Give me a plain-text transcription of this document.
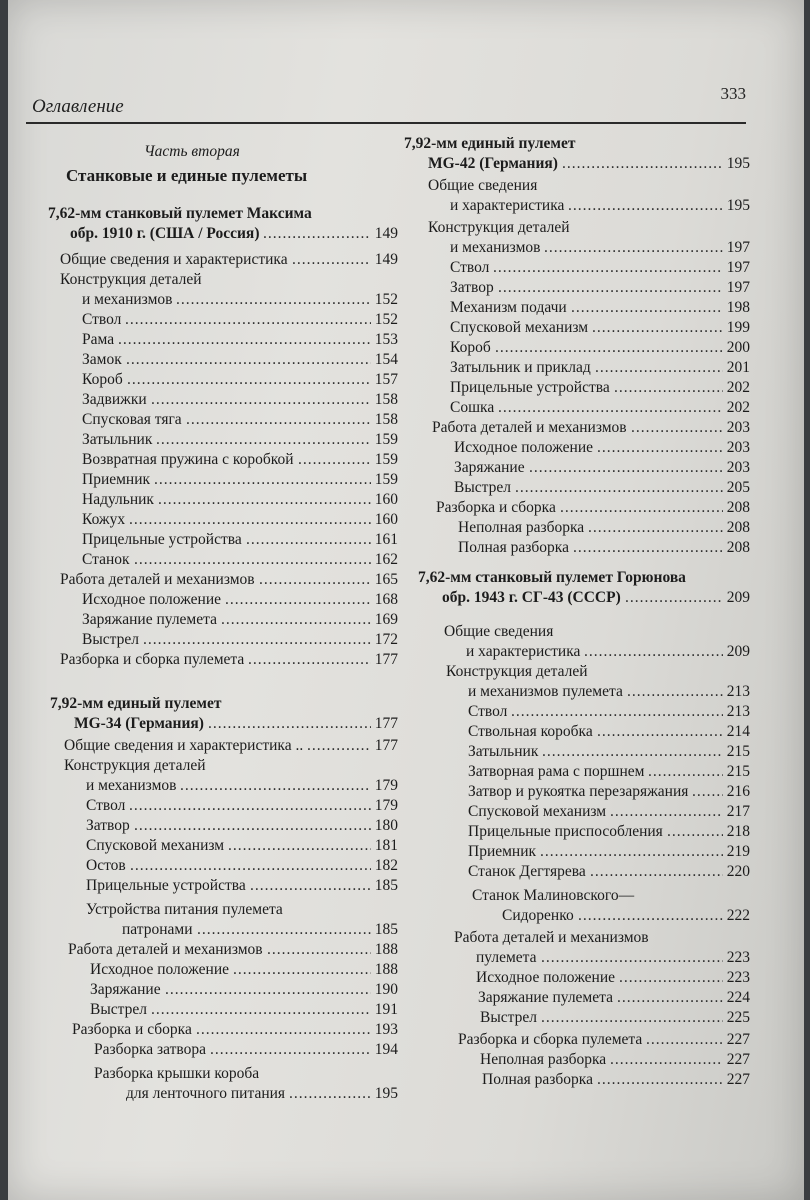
Оглавление
333
Часть вторая
Станковые и единые пулеметы
7,62-мм станковый пулемет Максима
обр. 1910 г. (США / Россия)	149
.....
Общие сведения и характеристика	149
.....
Конструкция деталей
и механизмов	152
.....
Ствол	152
.....
Рама	153
.....
Замок	154
.....
Короб	157
.....
Задвижки	158
.....
Спусковая тяга	158
.....
Затыльник	159
.....
Возвратная пружина с коробкой	159
.....
Приемник	159
.....
Надульник	160
.....
Кожух	160
.....
Прицельные устройства	161
.....
Станок	162
.....
Работа деталей и механизмов	165
.....
Исходное положение	168
.....
Заряжание пулемета	169
.....
Выстрел	172
.....
Разборка и сборка пулемета	177
.....
7,92-мм единый пулемет
MG-34 (Германия)	177
.....
Общие сведения и характеристика ..	177
.....
Конструкция деталей
и механизмов	179
.....
Ствол	179
.....
Затвор	180
.....
Спусковой механизм	181
.....
Остов	182
.....
Прицельные устройства	185
.....
Устройства питания пулемета
патронами	185
.....
Работа деталей и механизмов	188
.....
Исходное положение	188
.....
Заряжание	190
.....
Выстрел	191
.....
Разборка и сборка	193
.....
Разборка затвора	194
.....
Разборка крышки короба
для ленточного питания	195
.....
7,92-мм единый пулемет
MG-42 (Германия)	195
.....
Общие сведения
и характеристика	195
.....
Конструкция деталей
и механизмов	197
.....
Ствол	197
.....
Затвор	197
.....
Механизм подачи	198
.....
Спусковой механизм	199
.....
Короб	200
.....
Затыльник и приклад	201
.....
Прицельные устройства	202
.....
Сошка	202
.....
Работа деталей и механизмов	203
.....
Исходное положение	203
.....
Заряжание	203
.....
Выстрел	205
.....
Разборка и сборка	208
.....
Неполная разборка	208
.....
Полная разборка	208
.....
7,62-мм станковый пулемет Горюнова
обр. 1943 г. СГ-43 (СССР)	209
.....
Общие сведения
и характеристика	209
.....
Конструкция деталей
и механизмов пулемета	213
.....
Ствол	213
.....
Ствольная коробка	214
.....
Затыльник	215
.....
Затворная рама с поршнем	215
.....
Затвор и рукоятка перезаряжания 216
.....
Спусковой механизм	217
.....
Прицельные приспособления	218
.....
Приемник	219
.....
Станок Дегтярева	220
.....
Станок Малиновского—
Сидоренко	222
.....
Работа деталей и механизмов
пулемета	223
.....
Исходное положение	223
.....
Заряжание пулемета	224
.....
Выстрел	225
.....
Разборка и сборка пулемета	227
.....
Неполная разборка	227
.....
Полная разборка	227
.....
